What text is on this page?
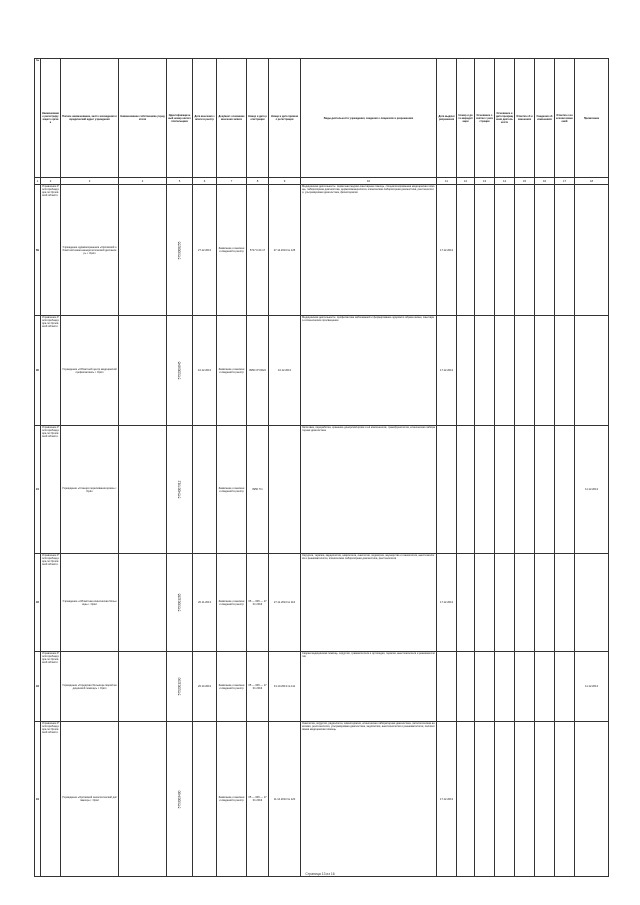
№	Наименование регистрирующего органа	Полное наименование, место нахождения и юридический адрес учреждения	Наименование собственника учредителя	Идентификационный номер налогоплательщика	Дата внесения записи в реестр	Документ-основание внесения записи	Номер и дата регистрации	Номер и дата приказа о регистрации	Виды деятельности учреждения, сведения о лицензиях и разрешениях	Дата выдачи разрешения	Номер и дата аккредитации	Основание о снятии с регистрации	Основание и дата прекращения деятельности	Отметка об изменениях	Сведения об изменениях	Отметка о внесении изменений	Примечание
1	2	3	4	5	6	7	8	9	10	11	12	13	14	15	16	17	18
89	Управление Роспотребнадзора по Орловской области	Учреждение здравоохранения «Орловский областной кожно-венерологический диспансер» г. Орёл		5753008255	27.12.2013	Заявление о внесении сведений в реестр	5717 К.04.17	27.12.2013 № 125	Медицинская деятельность: первичная медико-санитарная помощь, специализированная медицинская помощь, лабораторная диагностика, дерматовенерология, клиническая лабораторная диагностика, рентгенология, ультразвуковая диагностика, физиотерапия	17.12.2013							
90	Управление Роспотребнадзора по Орловской области	Учреждение «Областной центр медицинской профилактики» г. Орёл		5752009845	10.12.2013	Заявление о внесении сведений в реестр	0950 ОП 0022	10.12.2013	Медицинская деятельность: профилактика заболеваний и формирование здорового образа жизни, санитарно-гигиеническое просвещение	17.12.2013							
91	Управление Роспотребнадзора по Орловской области	Учреждение «Станция переливания крови» г. Орёл		5754007312		Заявление о внесении сведений в реестр	0950 П 1		Заготовка, переработка, хранение донорской крови и её компонентов, трансфузиология, клиническая лабораторная диагностика								11.12.2013
92	Управление Роспотребнадзора по Орловской области	Учреждение «Областная клиническая больница» г. Орёл		5753001265	26.11.2013	Заявление о внесении сведений в реестр	05 — 006 — 17 01 2013	27.11.2013 № 116	Хирургия, терапия, кардиология, неврология, онкология, педиатрия, акушерство и гинекология, анестезиология и реаниматология, клиническая лабораторная диагностика, рентгенология	17.12.2013							
93	Управление Роспотребнадзора по Орловской области	Учреждение «Городская больница скорой медицинской помощи» г. Орёл		5752001290	26.10.2013	Заявление о внесении сведений в реестр	05 — 006 — 17 01 2013	31.10.2013 № 111	Скорая медицинская помощь, хирургия, травматология и ортопедия, терапия, анестезиология и реаниматология								11.12.2013
94	Управление Роспотребнадзора по Орловской области	Учреждение «Орловский онкологический диспансер» г. Орёл		5753003400		Заявление о внесении сведений в реестр	05 — 006 — 17 01 2013	11.12.2013 № 120	Онкология, хирургия, радиология, химиотерапия, клиническая лабораторная диагностика, патологическая анатомия, рентгенология, ультразвуковая диагностика, эндоскопия, анестезиология и реаниматология, паллиативная медицинская помощь	17.12.2013							
Страница 13 из 16
